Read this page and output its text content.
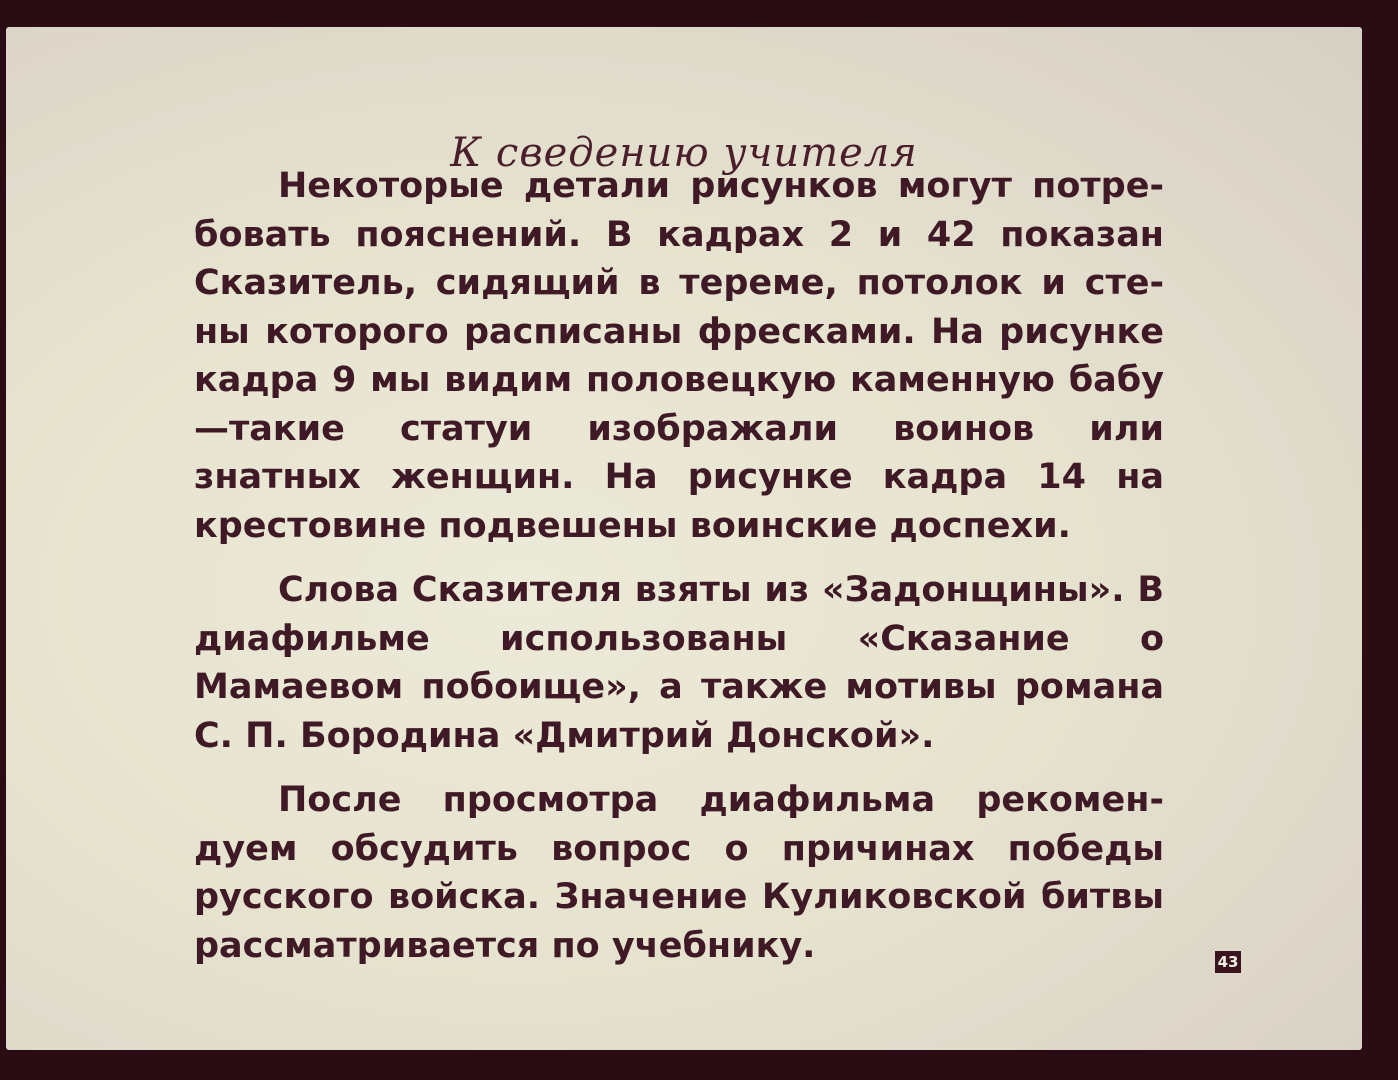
К сведению учителя

Некоторые детали рисунков могут потребовать пояснений. В кадрах 2 и 42 показан Сказитель, сидящий в тереме, потолок и стены которого расписаны фресками. На рисунке кадра 9 мы видим половецкую каменную бабу—такие статуи изображали воинов или знатных женщин. На рисунке кадра 14 на крестовине подвешены воинские доспехи.

Слова Сказителя взяты из «Задонщины». В диафильме использованы «Сказание о Мамаевом побоище», а также мотивы романа С. П. Бородина «Дмитрий Донской».

После просмотра диафильма рекомендуем обсудить вопрос о причинах победы русского войска. Значение Куликовской битвы рассматривается по учебнику.	43
